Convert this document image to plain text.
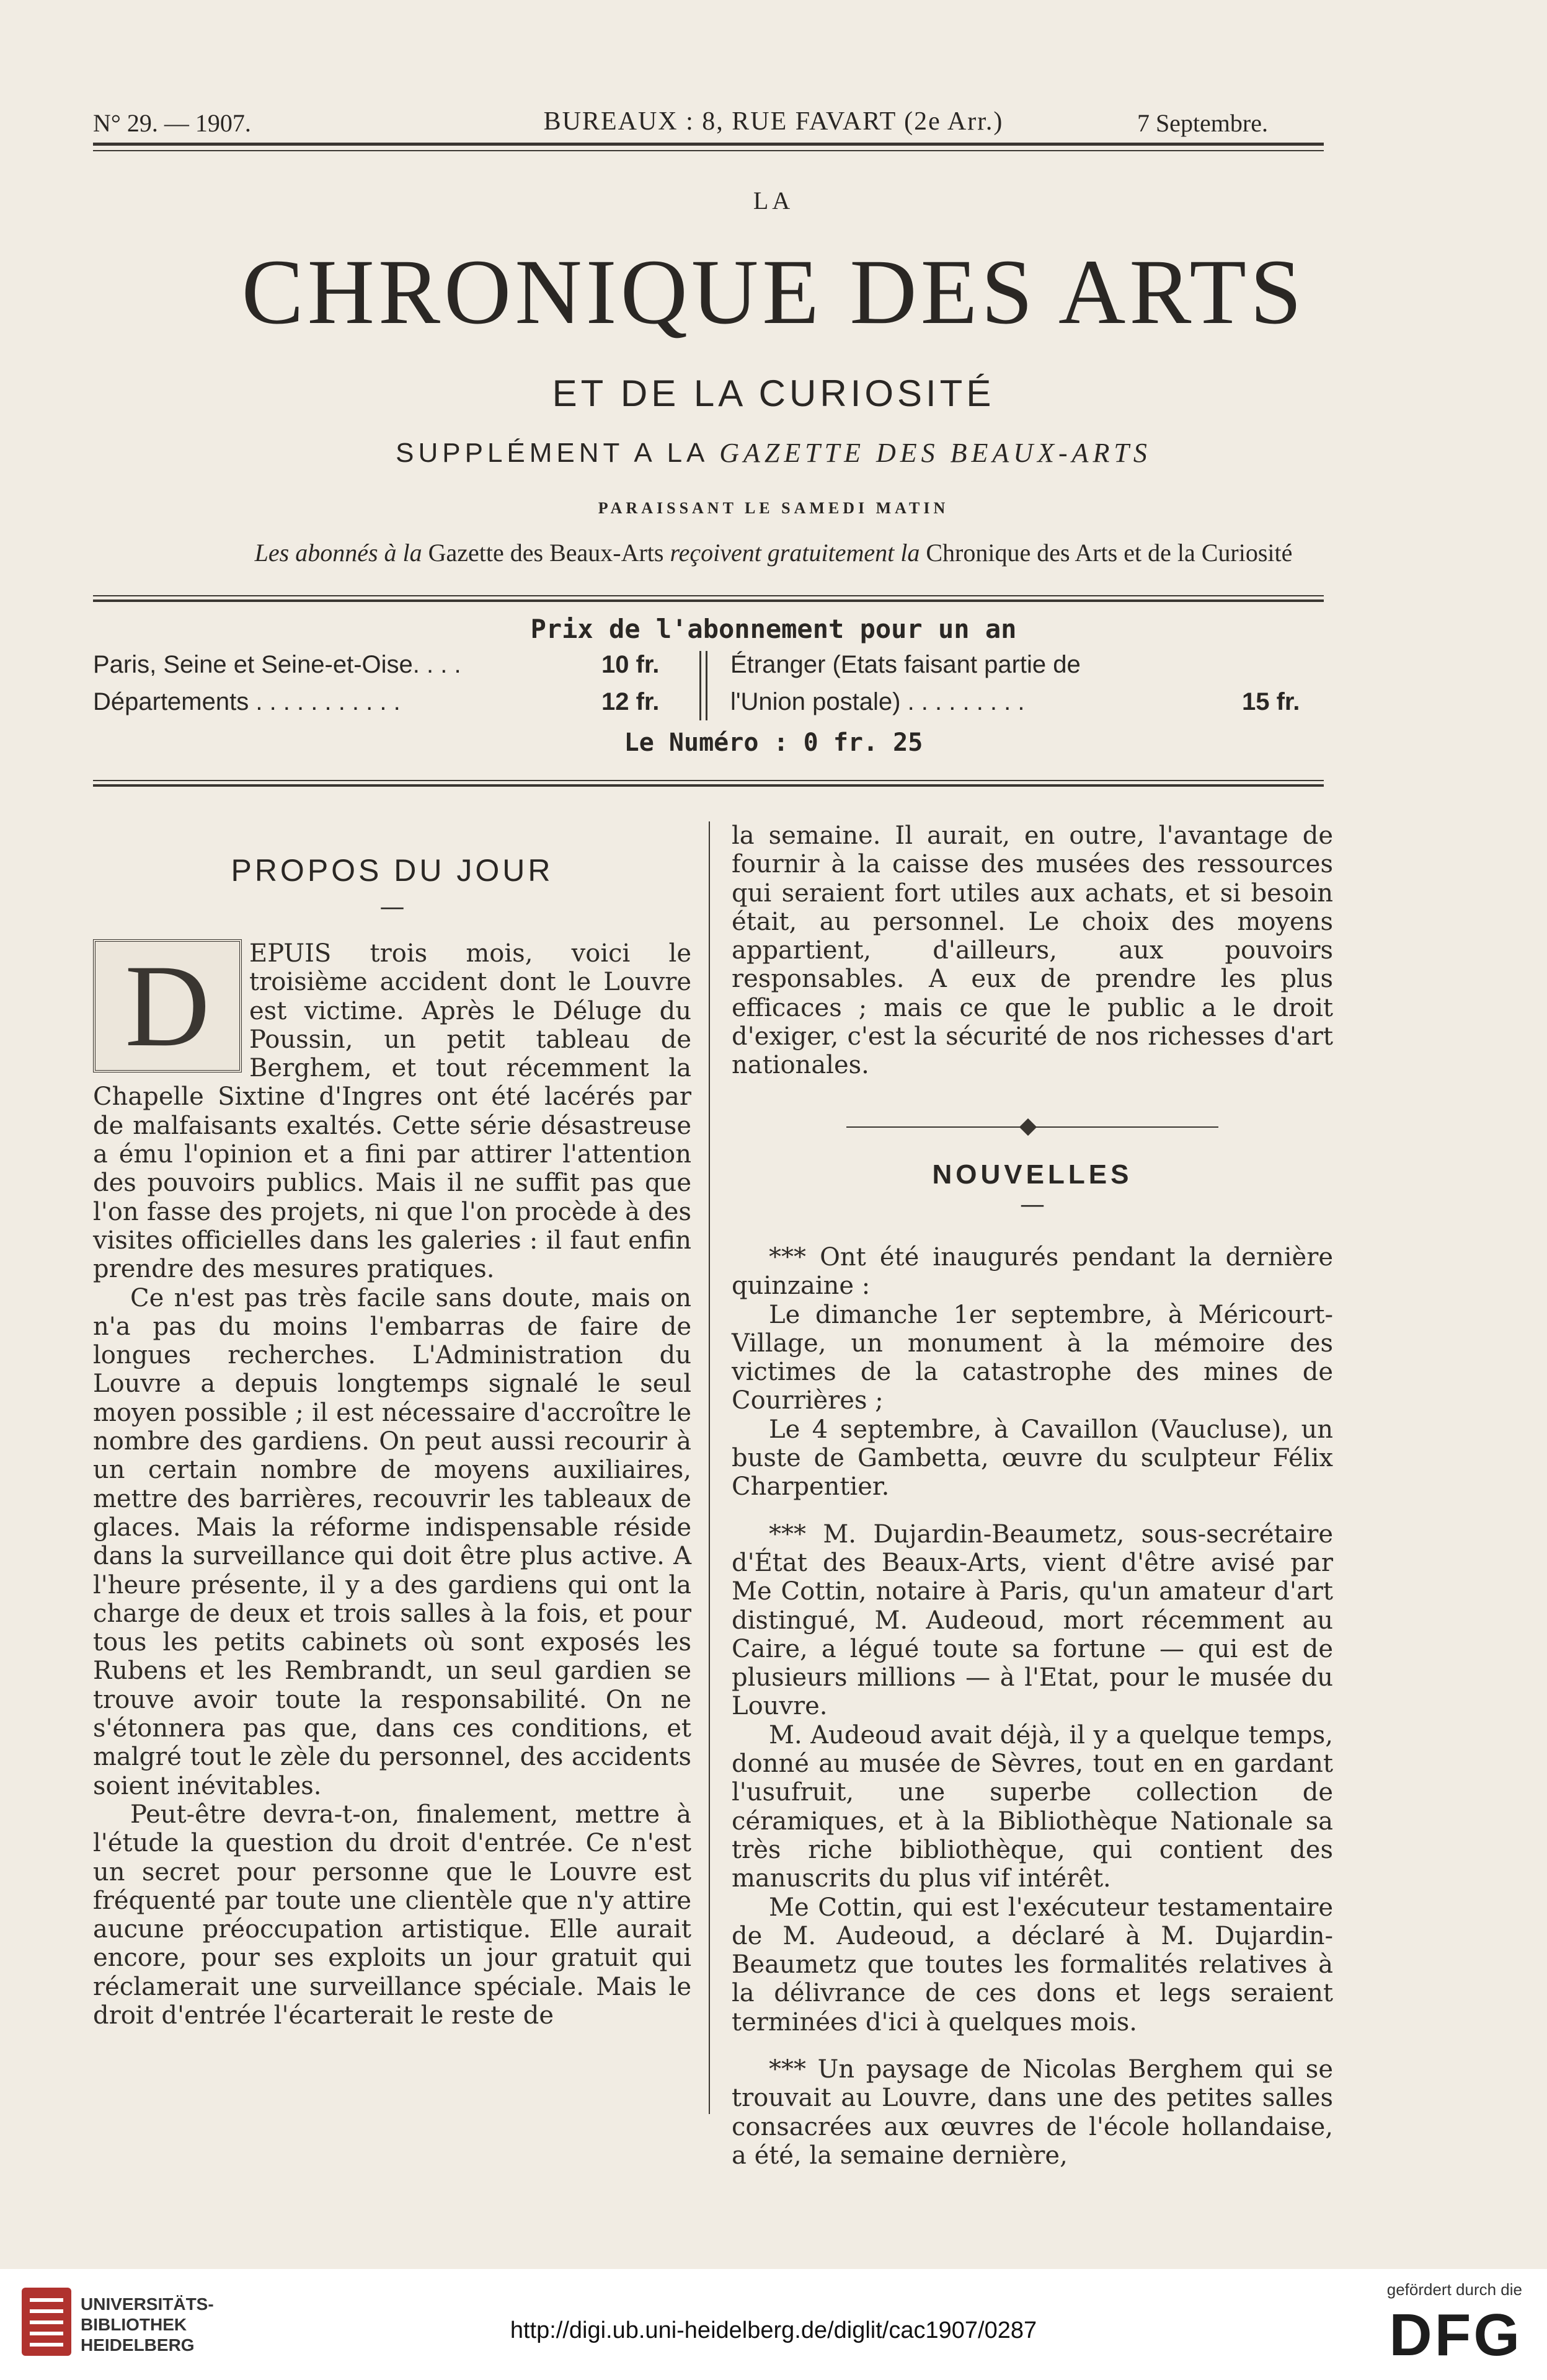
N° 29. — 1907.	BUREAUX : 8, RUE FAVART (2e Arr.)	7 Septembre.
LA
CHRONIQUE DES ARTS
ET DE LA CURIOSITÉ
SUPPLÉMENT A LA GAZETTE DES BEAUX-ARTS
PARAISSANT LE SAMEDI MATIN
Les abonnés à la Gazette des Beaux-Arts reçoivent gratuitement la Chronique des Arts et de la Curiosité
Prix de l'abonnement pour un an
Paris, Seine et Seine-et-Oise. . . .	10 fr.
Départements . . . . . . . . . . .	12 fr.
Étranger (Etats faisant partie de
l'Union postale) . . . . . . . . .	15 fr.
Le Numéro : 0 fr. 25
PROPOS DU JOUR
—

D	EPUIS trois mois, voici le troisième accident dont le Louvre est victime. Après le Déluge du Poussin, un petit tableau de Berghem, et tout récemment la Chapelle Sixtine d'Ingres ont été lacérés par de malfaisants exaltés. Cette série désastreuse a ému l'opinion et a fini par attirer l'attention des pouvoirs publics. Mais il ne suffit pas que l'on fasse des projets, ni que l'on procède à des visites officielles dans les galeries : il faut enfin prendre des mesures pratiques.

Ce n'est pas très facile sans doute, mais on n'a pas du moins l'embarras de faire de longues recherches. L'Administration du Louvre a depuis longtemps signalé le seul moyen possible ; il est nécessaire d'accroître le nombre des gardiens. On peut aussi recourir à un certain nombre de moyens auxiliaires, mettre des barrières, recouvrir les tableaux de glaces. Mais la réforme indispensable réside dans la surveillance qui doit être plus active. A l'heure présente, il y a des gardiens qui ont la charge de deux et trois salles à la fois, et pour tous les petits cabinets où sont exposés les Rubens et les Rembrandt, un seul gardien se trouve avoir toute la responsabilité. On ne s'étonnera pas que, dans ces conditions, et malgré tout le zèle du personnel, des accidents soient inévitables.

Peut-être devra-t-on, finalement, mettre à l'étude la question du droit d'entrée. Ce n'est un secret pour personne que le Louvre est fréquenté par toute une clientèle que n'y attire aucune préoccupation artistique. Elle aurait encore, pour ses exploits un jour gratuit qui réclamerait une surveillance spéciale. Mais le droit d'entrée l'écarterait le reste de

la semaine. Il aurait, en outre, l'avantage de fournir à la caisse des musées des ressources qui seraient fort utiles aux achats, et si besoin était, au personnel. Le choix des moyens appartient, d'ailleurs, aux pouvoirs responsables. A eux de prendre les plus efficaces ; mais ce que le public a le droit d'exiger, c'est la sécurité de nos richesses d'art nationales.

NOUVELLES
—

*** Ont été inaugurés pendant la dernière quinzaine :

Le dimanche 1er septembre, à Méricourt-Village, un monument à la mémoire des victimes de la catastrophe des mines de Courrières ;

Le 4 septembre, à Cavaillon (Vaucluse), un buste de Gambetta, œuvre du sculpteur Félix Charpentier.

*** M. Dujardin-Beaumetz, sous-secrétaire d'État des Beaux-Arts, vient d'être avisé par Me Cottin, notaire à Paris, qu'un amateur d'art distingué, M. Audeoud, mort récemment au Caire, a légué toute sa fortune — qui est de plusieurs millions — à l'Etat, pour le musée du Louvre.

M. Audeoud avait déjà, il y a quelque temps, donné au musée de Sèvres, tout en en gardant l'usufruit, une superbe collection de céramiques, et à la Bibliothèque Nationale sa très riche bibliothèque, qui contient des manuscrits du plus vif intérêt.

Me Cottin, qui est l'exécuteur testamentaire de M. Audeoud, a déclaré à M. Dujardin-Beaumetz que toutes les formalités relatives à la délivrance de ces dons et legs seraient terminées d'ici à quelques mois.

*** Un paysage de Nicolas Berghem qui se trouvait au Louvre, dans une des petites salles consacrées aux œuvres de l'école hollandaise, a été, la semaine dernière,

UNIVERSITÄTS-
BIBLIOTHEK
HEIDELBERG
http://digi.ub.uni-heidelberg.de/diglit/cac1907/0287
gefördert durch die
DFG
